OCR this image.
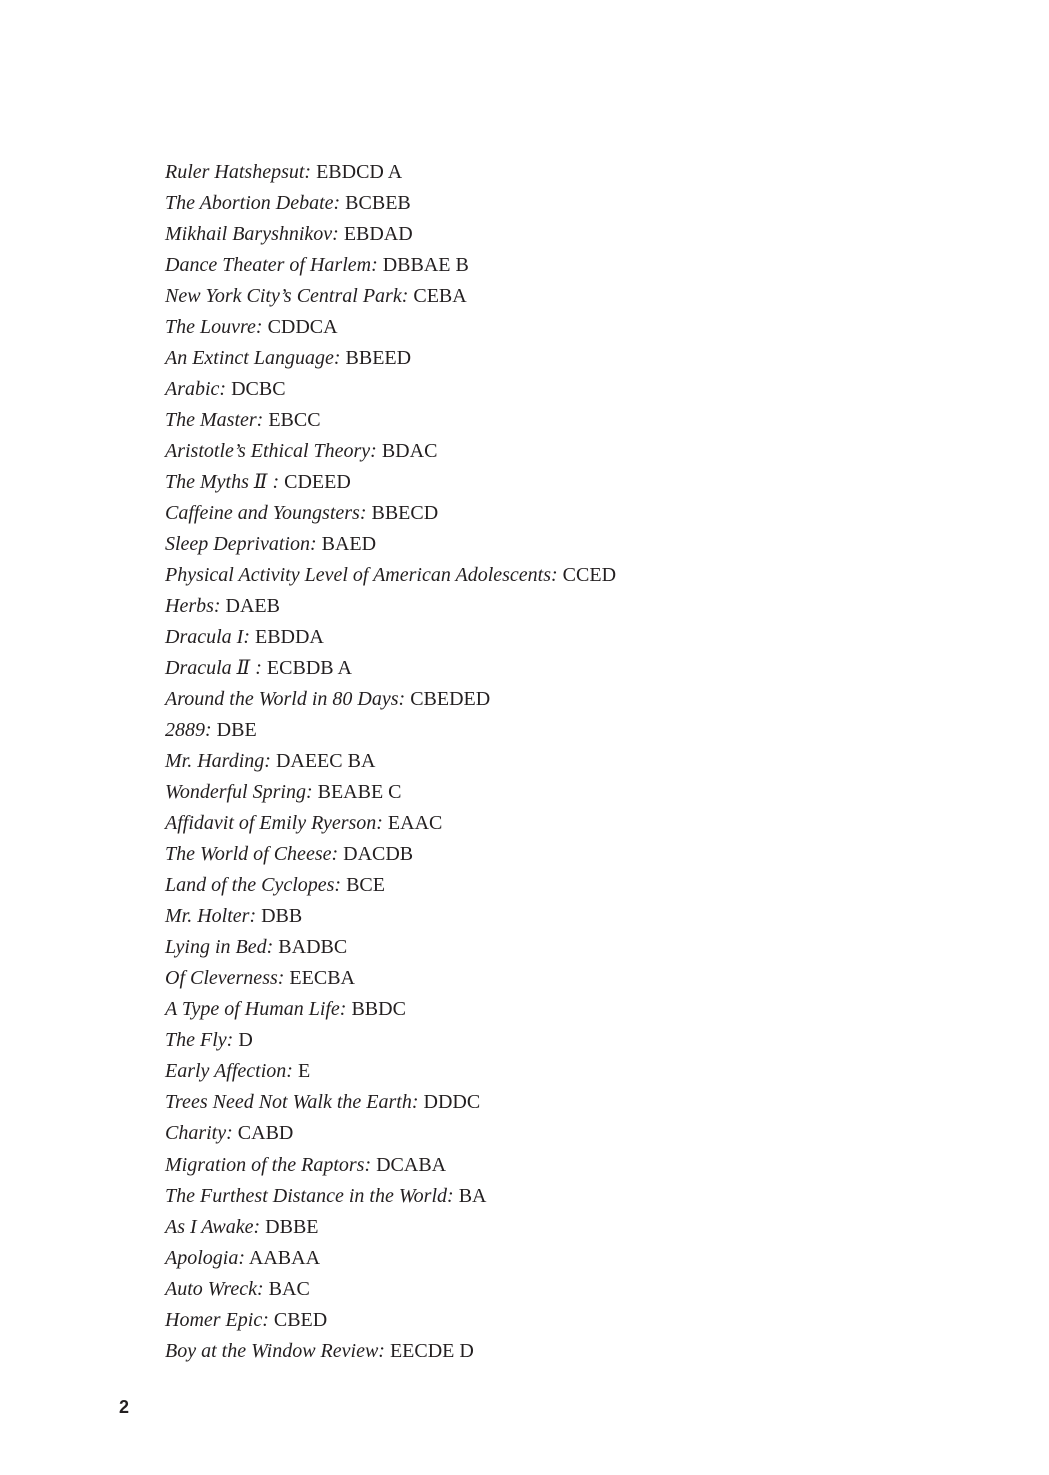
Ruler Hatshepsut: EBDCD A
The Abortion Debate: BCBEB
Mikhail Baryshnikov: EBDAD
Dance Theater of Harlem: DBBAE B
New York City’s Central Park: CEBA
The Louvre: CDDCA
An Extinct Language: BBEED
Arabic: DCBC
The Master: EBCC
Aristotle’s Ethical Theory: BDAC
The Myths Ⅱ : CDEED
Caffeine and Youngsters: BBECD
Sleep Deprivation: BAED
Physical Activity Level of American Adolescents: CCED
Herbs: DAEB
Dracula I: EBDDA
Dracula Ⅱ : ECBDB A
Around the World in 80 Days: CBEDED
2889: DBE
Mr. Harding: DAEEC BA
Wonderful Spring: BEABE C
Affidavit of Emily Ryerson: EAAC
The World of Cheese: DACDB
Land of the Cyclopes: BCE
Mr. Holter: DBB
Lying in Bed: BADBC
Of Cleverness: EECBA
A Type of Human Life: BBDC
The Fly: D
Early Affection: E
Trees Need Not Walk the Earth: DDDC
Charity: CABD
Migration of the Raptors: DCABA
The Furthest Distance in the World: BA
As I Awake: DBBE
Apologia: AABAA
Auto Wreck: BAC
Homer Epic: CBED
Boy at the Window Review: EECDE D
2
